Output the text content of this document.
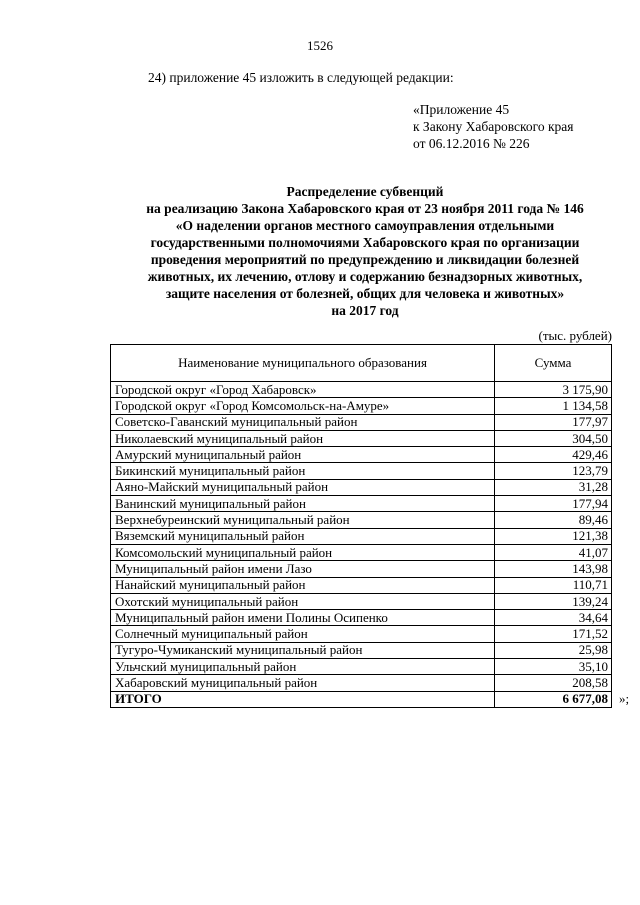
1526
24) приложение 45 изложить в следующей редакции:
«Приложение 45
к Закону Хабаровского края
от 06.12.2016 № 226
Распределение субвенций
на реализацию Закона Хабаровского края от 23 ноября 2011 года № 146
«О наделении органов местного самоуправления отдельными
государственными полномочиями Хабаровского края по организации
проведения мероприятий по предупреждению и ликвидации болезней
животных, их лечению, отлову и содержанию безнадзорных животных,
защите населения от болезней, общих для человека и животных»
на 2017 год
(тыс. рублей)
Наименование муниципального образования	Сумма
Городской округ «Город Хабаровск»	3 175,90
Городской округ «Город Комсомольск-на-Амуре»	1 134,58
Советско-Гаванский муниципальный район	177,97
Николаевский муниципальный район	304,50
Амурский муниципальный район	429,46
Бикинский муниципальный район	123,79
Аяно-Майский муниципальный район	31,28
Ванинский муниципальный район	177,94
Верхнебуреинский муниципальный район	89,46
Вяземский муниципальный район	121,38
Комсомольский муниципальный район	41,07
Муниципальный район имени Лазо	143,98
Нанайский муниципальный район	110,71
Охотский муниципальный район	139,24
Муниципальный район имени Полины Осипенко	34,64
Солнечный муниципальный район	171,52
Тугуро-Чумиканский муниципальный район	25,98
Ульчский муниципальный район	35,10
Хабаровский муниципальный район	208,58
ИТОГО	6 677,08 »;
